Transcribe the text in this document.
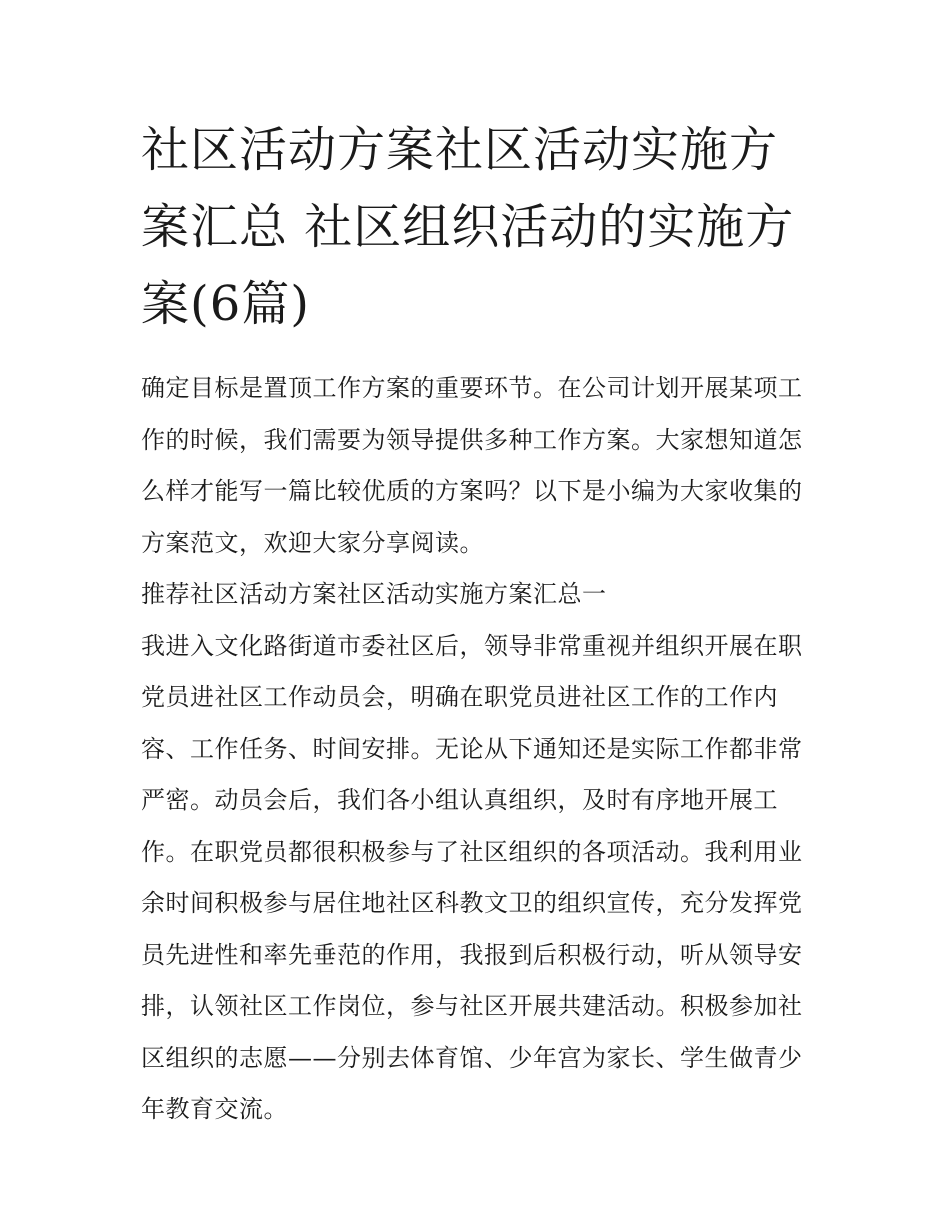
社区活动方案社区活动实施方
案汇总 社区组织活动的实施方
案(6篇)

确定目标是置顶工作方案的重要环节。在公司计划开展某项工
作的时候，我们需要为领导提供多种工作方案。大家想知道怎
么样才能写一篇比较优质的方案吗？以下是小编为大家收集的
方案范文，欢迎大家分享阅读。

推荐社区活动方案社区活动实施方案汇总一

我进入文化路街道市委社区后，领导非常重视并组织开展在职
党员进社区工作动员会，明确在职党员进社区工作的工作内
容、工作任务、时间安排。无论从下通知还是实际工作都非常
严密。动员会后，我们各小组认真组织，及时有序地开展工
作。在职党员都很积极参与了社区组织的各项活动。我利用业
余时间积极参与居住地社区科教文卫的组织宣传，充分发挥党
员先进性和率先垂范的作用，我报到后积极行动，听从领导安
排，认领社区工作岗位，参与社区开展共建活动。积极参加社
区组织的志愿——分别去体育馆、少年宫为家长、学生做青少
年教育交流。
